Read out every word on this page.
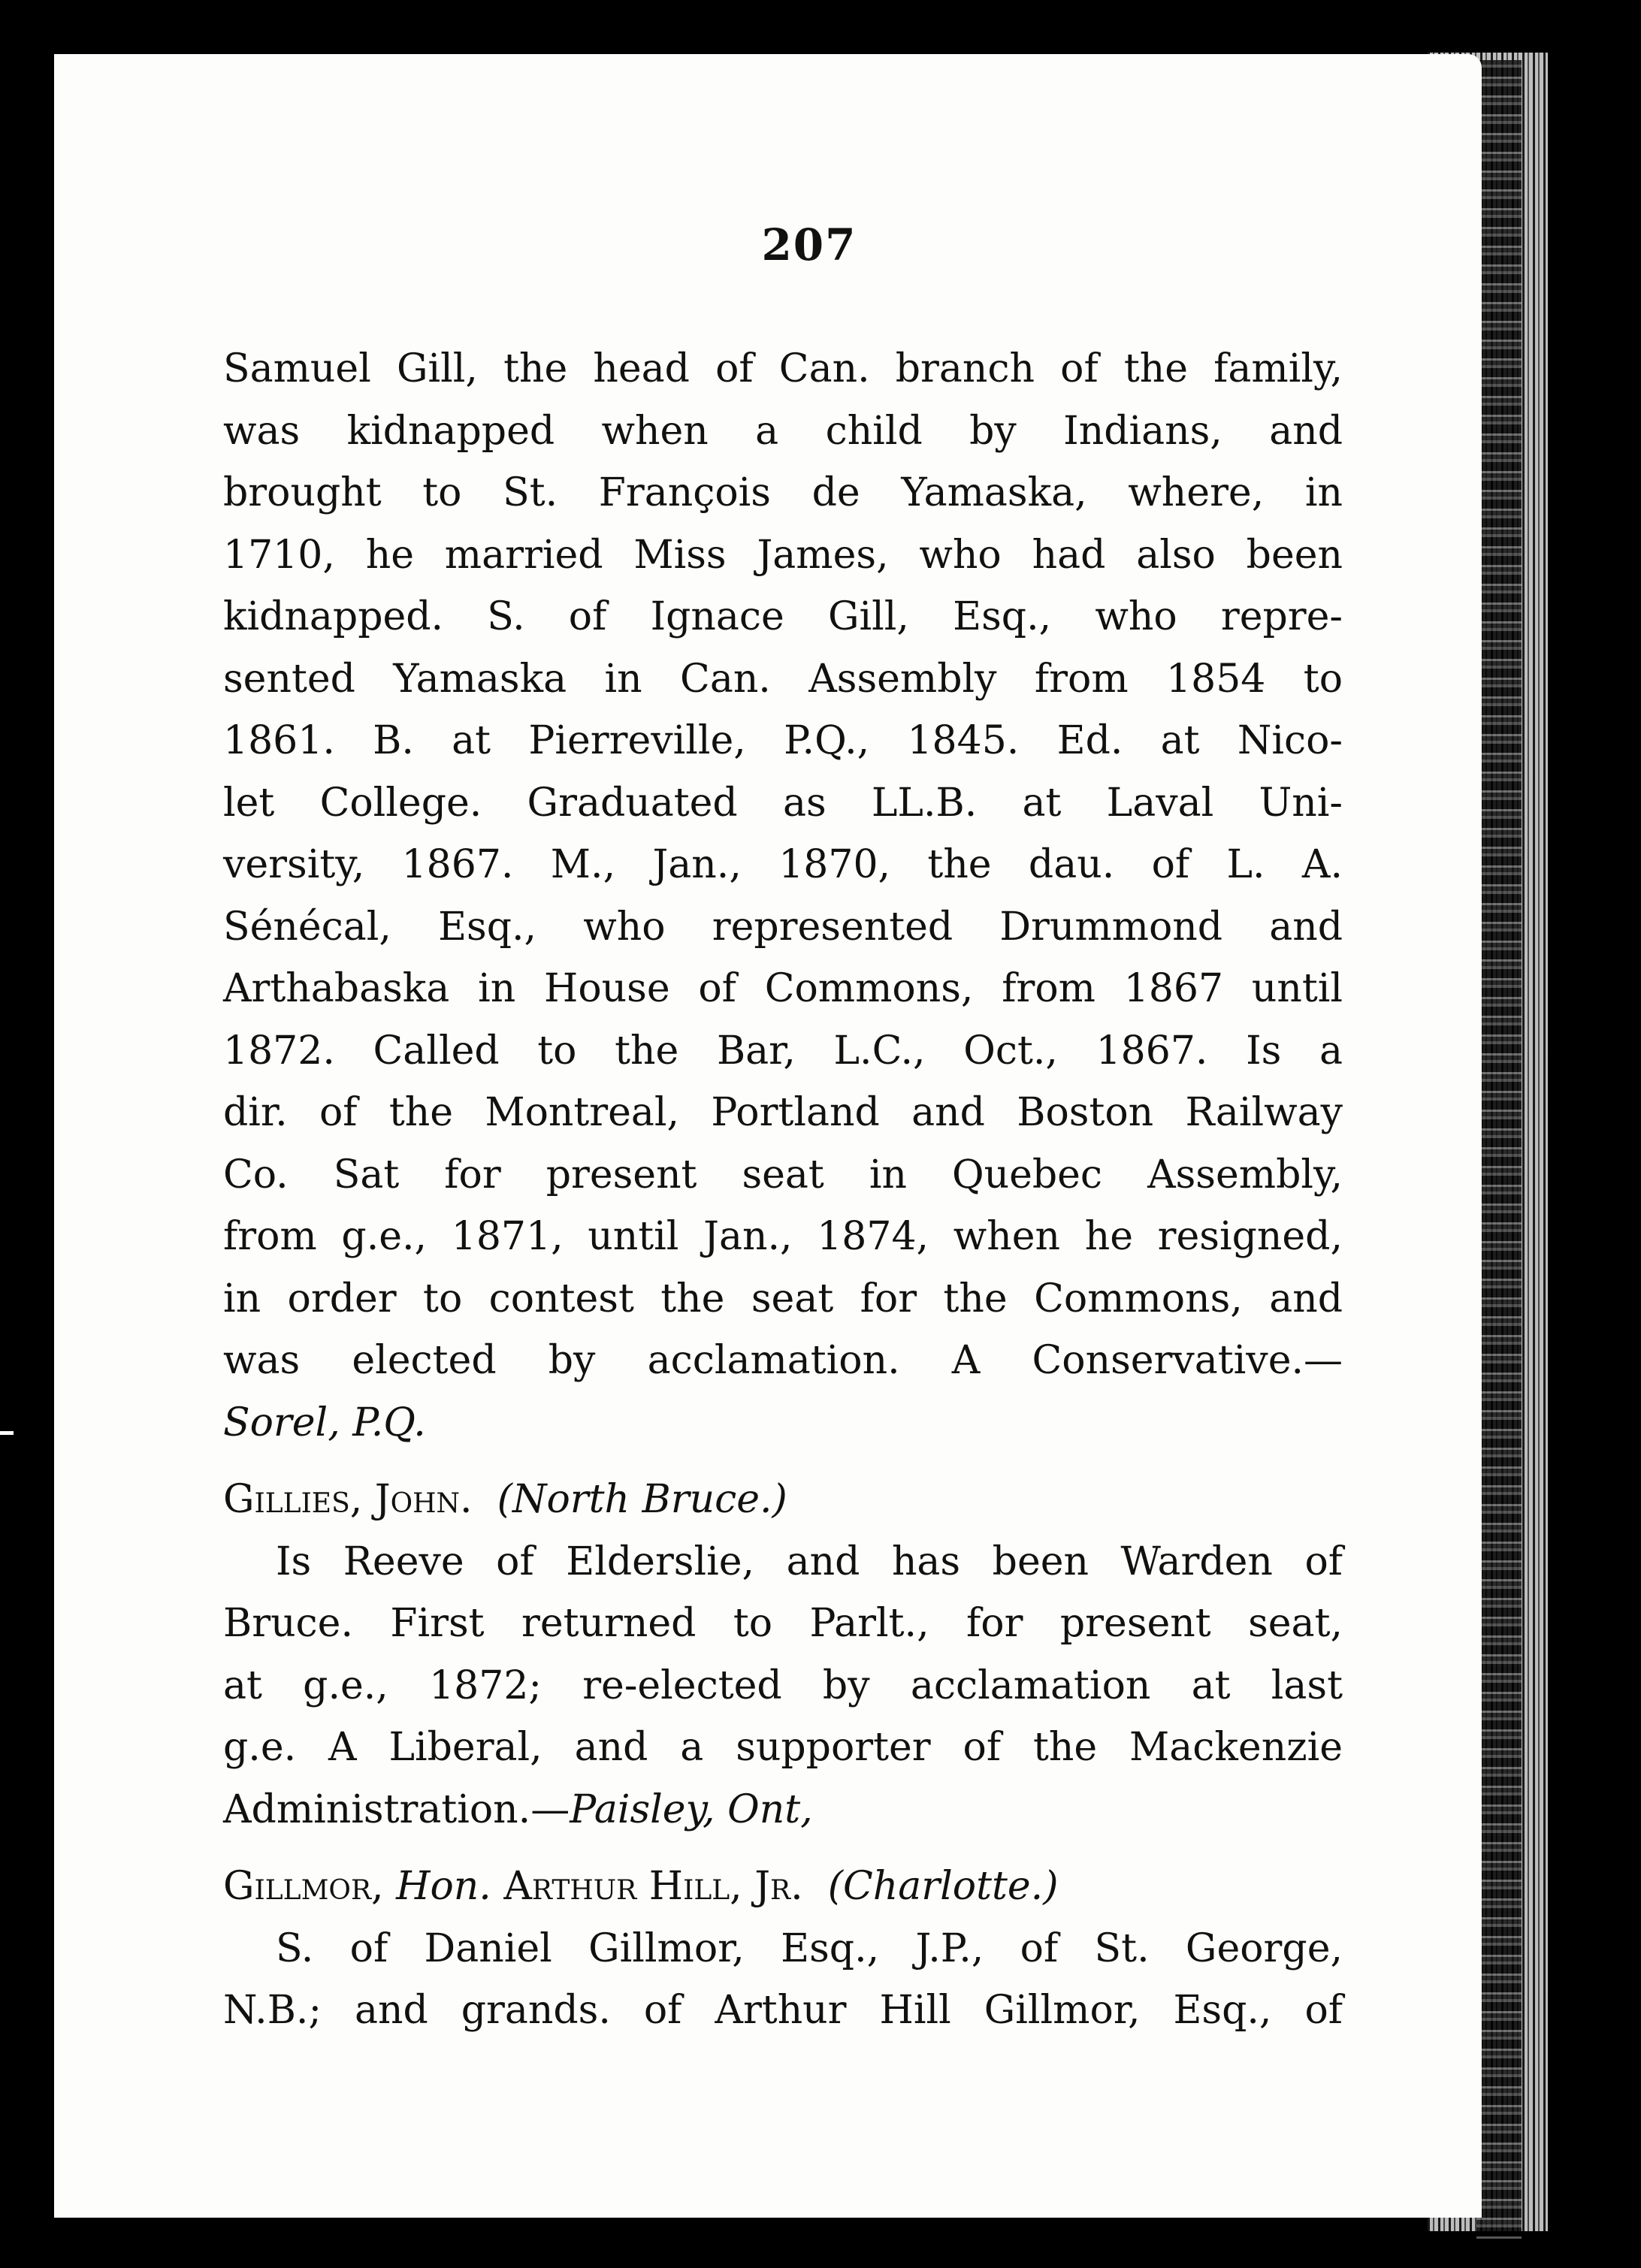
207
Samuel Gill, the head of Can. branch of the family,
was kidnapped when a child by Indians, and
brought to St. François de Yamaska, where, in
1710, he married Miss James, who had also been
kidnapped. S. of Ignace Gill, Esq., who repre-
sented Yamaska in Can. Assembly from 1854 to
1861. B. at Pierreville, P.Q., 1845. Ed. at Nico-
let College. Graduated as LL.B. at Laval Uni-
versity, 1867. M., Jan., 1870, the dau. of L. A.
Sénécal, Esq., who represented Drummond and
Arthabaska in House of Commons, from 1867 until
1872. Called to the Bar, L.C., Oct., 1867. Is a
dir. of the Montreal, Portland and Boston Railway
Co. Sat for present seat in Quebec Assembly,
from g.e., 1871, until Jan., 1874, when he resigned,
in order to contest the seat for the Commons, and
was elected by acclamation. A Conservative.—
Sorel, P.Q.
Gillies, John. (North Bruce.)
Is Reeve of Elderslie, and has been Warden of
Bruce. First returned to Parlt., for present seat,
at g.e., 1872; re-elected by acclamation at last
g.e. A Liberal, and a supporter of the Mackenzie
Administration.—Paisley, Ont,
Gillmor, Hon. Arthur Hill, Jr. (Charlotte.)
S. of Daniel Gillmor, Esq., J.P., of St. George,
N.B.; and grands. of Arthur Hill Gillmor, Esq., of
